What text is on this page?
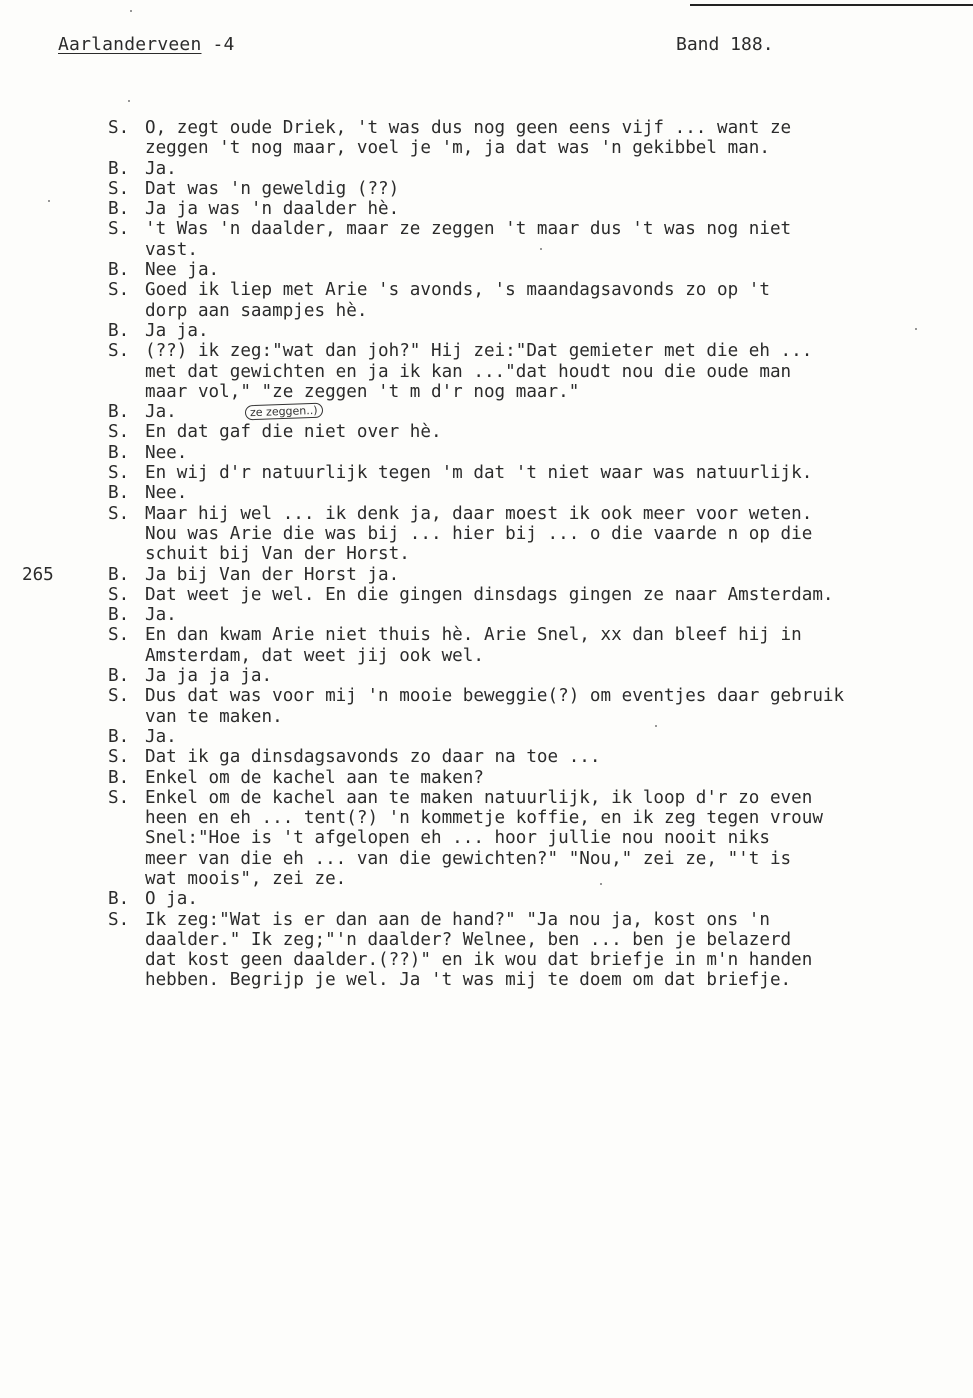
Aarlanderveen -4	Band 188.
265
ze zeggen..)
S. O, zegt oude Driek, 't was dus nog geen eens vijf ... want ze
zeggen 't nog maar, voel je 'm, ja dat was 'n gekibbel man.
B. Ja.
S. Dat was 'n geweldig (??)
B. Ja ja was 'n daalder hè.
S. 't Was 'n daalder, maar ze zeggen 't maar dus 't was nog niet
vast.
B. Nee ja.
S. Goed ik liep met Arie 's avonds, 's maandagsavonds zo op 't
dorp aan saampjes hè.
B. Ja ja.
S. (??) ik zeg:"wat dan joh?" Hij zei:"Dat gemieter met die eh ...
met dat gewichten en ja ik kan ..."dat houdt nou die oude man
maar vol," "ze zeggen 't m d'r nog maar."
B. Ja.
S. En dat gaf die niet over hè.
B. Nee.
S. En wij d'r natuurlijk tegen 'm dat 't niet waar was natuurlijk.
B. Nee.
S. Maar hij wel ... ik denk ja, daar moest ik ook meer voor weten.
Nou was Arie die was bij ... hier bij ... o die vaarde n op die
schuit bij Van der Horst.
B. Ja bij Van der Horst ja.
S. Dat weet je wel. En die gingen dinsdags gingen ze naar Amsterdam.
B. Ja.
S. En dan kwam Arie niet thuis hè. Arie Snel, xx dan bleef hij in
Amsterdam, dat weet jij ook wel.
B. Ja ja ja ja.
S. Dus dat was voor mij 'n mooie beweggie(?) om eventjes daar gebruik
van te maken.
B. Ja.
S. Dat ik ga dinsdagsavonds zo daar na toe ...
B. Enkel om de kachel aan te maken?
S. Enkel om de kachel aan te maken natuurlijk, ik loop d'r zo even
heen en eh ... tent(?) 'n kommetje koffie, en ik zeg tegen vrouw
Snel:"Hoe is 't afgelopen eh ... hoor jullie nou nooit niks
meer van die eh ... van die gewichten?" "Nou," zei ze, "'t is
wat moois", zei ze.
B. O ja.
S. Ik zeg:"Wat is er dan aan de hand?" "Ja nou ja, kost ons 'n
daalder." Ik zeg;"'n daalder? Welnee, ben ... ben je belazerd
dat kost geen daalder.(??)" en ik wou dat briefje in m'n handen
hebben. Begrijp je wel. Ja 't was mij te doem om dat briefje.
